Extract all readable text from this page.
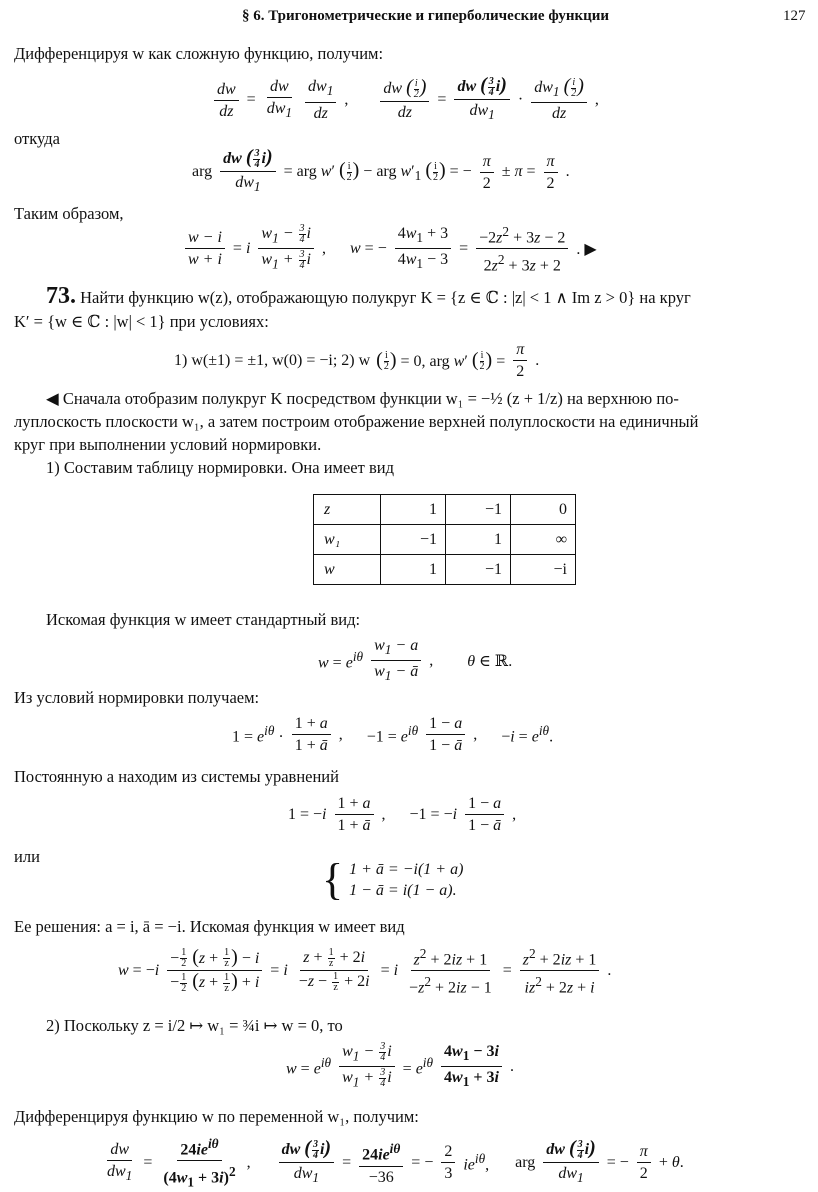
§ 6. Тригонометрические и гиперболические функции	127
Дифференцируя w как сложную функцию, получим:
$\frac{dw}{dz} = \frac{dw}{dw_1} \frac{dw_1}{dz}$ , $\frac{dw ( \frac{i}{2} )}{dz} = \frac{dw ( \frac{3}{4} i)}{dw_1} \cdot \frac{dw_1 ( \frac{i}{2} )}{dz}$ ,
откуда
arg $\frac{dw ( \frac{3}{4} i)}{dw_1}$ = arg w′ ( $\frac{i}{2}$ ) − arg $w'_1$ ( $\frac{i}{2}$ ) = − $\frac{\pi}{2} \pm \pi = \frac{\pi}{2}$ .
Таким образом,
$\frac{w - i}{w + i} = i \frac{w_1 - \frac{3}{4} i}{w_1 + \frac{3}{4} i}$ , w = − $\frac{4w_1 + 3}{4w_1 - 3} = \frac{-2z^2 + 3z - 2}{2z^2 + 3z + 2}$ . ▶
73. Найти функцию w(z), отображающую полукруг K = {z ∈ ℂ : |z| < 1 ∧ Im z > 0} на круг
K′ = {w ∈ ℂ : |w| < 1} при условиях:
1) w(±1) = ±1, w(0) = −i; 2) w ( $\frac{i}{2}$ ) = 0, arg w′ ( $\frac{i}{2}$ ) = $\frac{\pi}{2}$ .
◀ Сначала отобразим полукруг K посредством функции w₁ = −½ (z + 1/z) на верхнюю по-
луплоскость плоскости w₁, а затем построим отображение верхней полуплоскости на единичный
круг при выполнении условий нормировки.
1) Составим таблицу нормировки. Она имеет вид
z	1	−1	0
w₁	−1	1	∞
w	1	−1	−i
Искомая функция w имеет стандартный вид:
$w = e^{i\theta} \frac{w_1 - a}{w_1 - ā}$ , θ ∈ ℝ.
Из условий нормировки получаем:
$1 = e^{i\theta} \cdot \frac{1 + a}{1 + ā}$ , $-1 = e^{i\theta} \frac{1 - a}{1 - ā}$ , $-i = e^{i\theta}$.
Постоянную a находим из системы уравнений
$1 = -i \frac{1 + a}{1 + ā}$ , $-1 = -i \frac{1 - a}{1 - ā}$ ,
или	{ 1 + ā = −i(1 + a)
1 − ā = i(1 − a).
Ее решения: a = i, ā = −i. Искомая функция w имеет вид
$w = -i \frac{- \frac{1}{2} (z + \frac{1}{z} ) - i}{- \frac{1}{2} (z + \frac{1}{z} ) + i} = i \frac{z + \frac{1}{z} + 2i}{-z - \frac{1}{z} + 2i} = i \frac{z^2 + 2iz + 1}{-z^2 + 2iz - 1} = \frac{z^2 + 2iz + 1}{iz^2 + 2z + i}$ .
2) Поскольку z = i/2 ↦ w₁ = ¾i ↦ w = 0, то
$w = e^{i\theta} \frac{w_1 - \frac{3}{4} i}{w_1 + \frac{3}{4} i} = e^{i\theta} \frac{4w_1 - 3i}{4w_1 + 3i}$ .
Дифференцируя функцию w по переменной w₁, получим:
$\frac{dw}{dw_1} = \frac{24ie^{i\theta}}{(4w_1 + 3i)^2}$ , $\frac{dw ( \frac{3}{4} i)}{dw_1} = \frac{24ie^{i\theta}}{-36}$ = − $\frac{2}{3} ie^{i\theta}$, arg $\frac{dw ( \frac{3}{4} i)}{dw_1}$ = − $\frac{\pi}{2} + \theta$.
